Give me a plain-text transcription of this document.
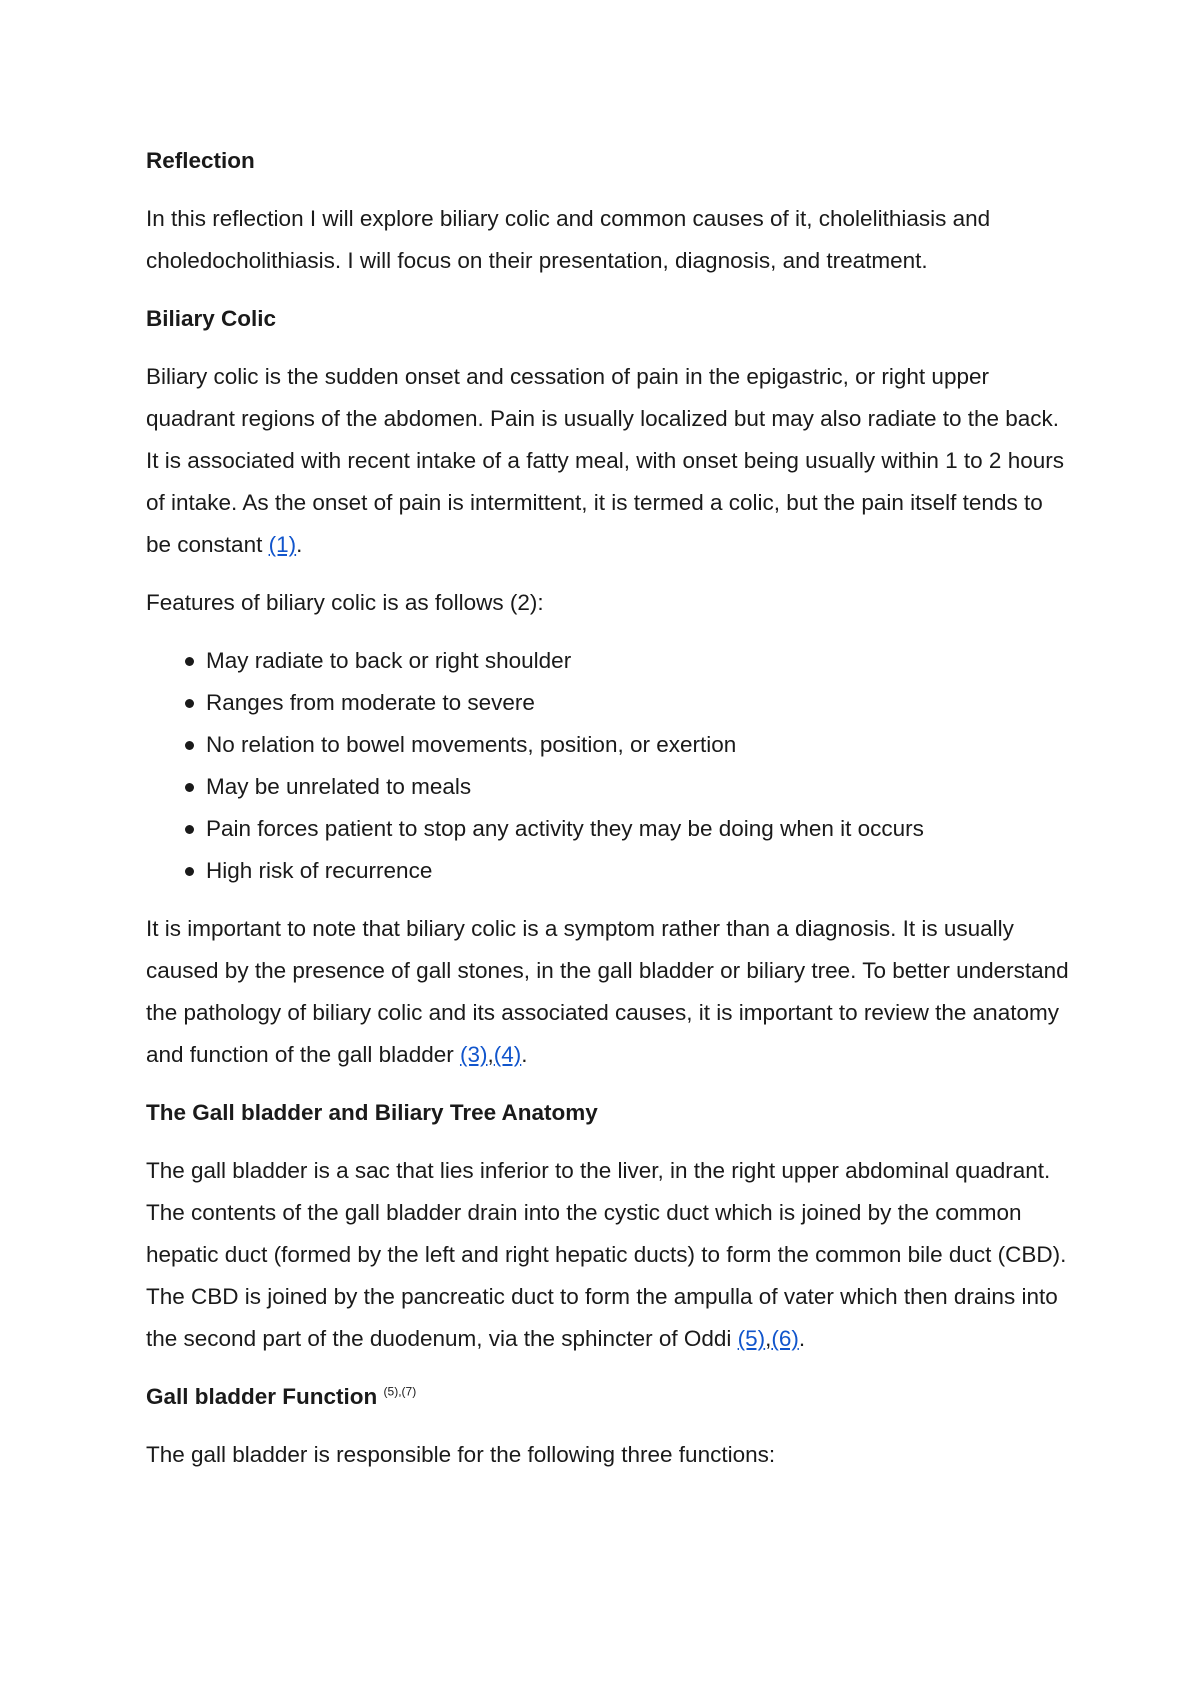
Reflection

In this reflection I will explore biliary colic and common causes of it, cholelithiasis and choledocholithiasis. I will focus on their presentation, diagnosis, and treatment.

Biliary Colic

Biliary colic is the sudden onset and cessation of pain in the epigastric, or right upper quadrant regions of the abdomen. Pain is usually localized but may also radiate to the back. It is associated with recent intake of a fatty meal, with onset being usually within 1 to 2 hours of intake. As the onset of pain is intermittent, it is termed a colic, but the pain itself tends to be constant (1).

Features of biliary colic is as follows (2):

May radiate to back or right shoulder
Ranges from moderate to severe
No relation to bowel movements, position, or exertion
May be unrelated to meals
Pain forces patient to stop any activity they may be doing when it occurs
High risk of recurrence

It is important to note that biliary colic is a symptom rather than a diagnosis. It is usually caused by the presence of gall stones, in the gall bladder or biliary tree. To better understand the pathology of biliary colic and its associated causes, it is important to review the anatomy and function of the gall bladder (3),(4).

The Gall bladder and Biliary Tree Anatomy

The gall bladder is a sac that lies inferior to the liver, in the right upper abdominal quadrant. The contents of the gall bladder drain into the cystic duct which is joined by the common hepatic duct (formed by the left and right hepatic ducts) to form the common bile duct (CBD). The CBD is joined by the pancreatic duct to form the ampulla of vater which then drains into the second part of the duodenum, via the sphincter of Oddi (5),(6).

Gall bladder Function $^{(5),(7)}$

The gall bladder is responsible for the following three functions:
